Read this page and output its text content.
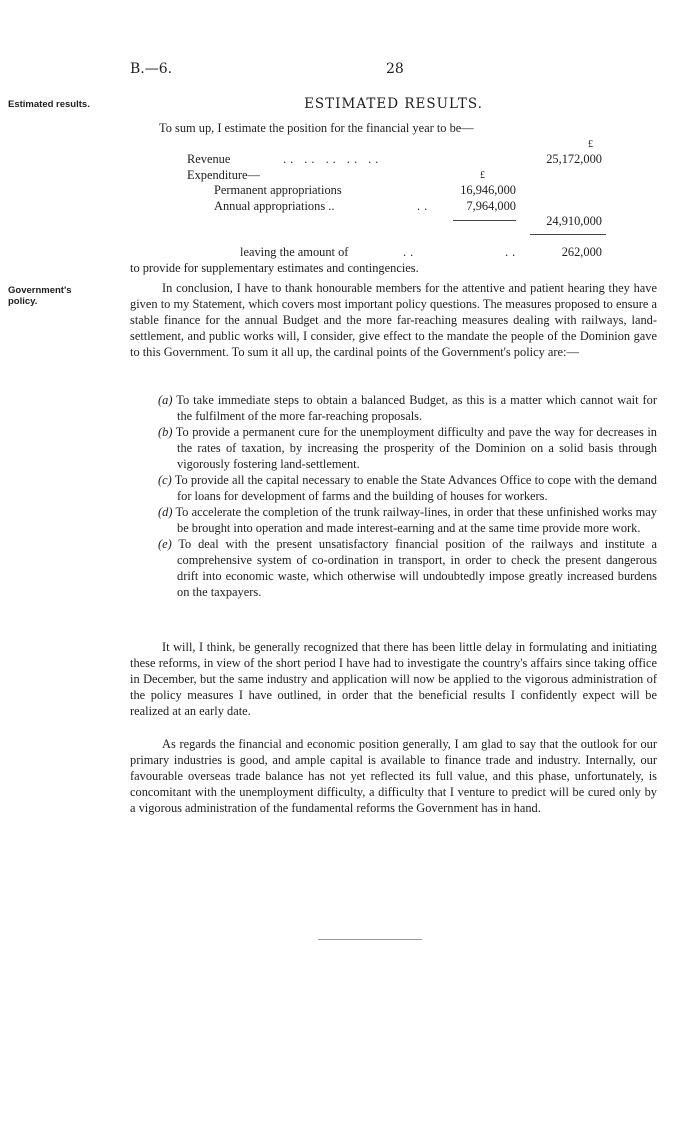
B.—6.	28
Estimated results.
Government's policy.
ESTIMATED RESULTS.
To sum up, I estimate the position for the financial year to be—
£
Revenue	.. .. .. .. ..	25,172,000
Expenditure—	£
Permanent appropriations	16,946,000
Annual appropriations ..	..	7,964,000
24,910,000
leaving the amount of	..	..	262,000
to provide for supplementary estimates and contingencies.
In conclusion, I have to thank honourable members for the attentive and patient hearing they have given to my Statement, which covers most important policy questions. The measures proposed to ensure a stable finance for the annual Budget and the more far-reaching measures dealing with railways, land-settlement, and public works will, I consider, give effect to the mandate the people of the Dominion gave to this Government. To sum it all up, the cardinal points of the Government's policy are:—
(a) To take immediate steps to obtain a balanced Budget, as this is a matter which cannot wait for the fulfilment of the more far-reaching proposals.
(b) To provide a permanent cure for the unemployment difficulty and pave the way for decreases in the rates of taxation, by increasing the prosperity of the Dominion on a solid basis through vigorously fostering land-settlement.
(c) To provide all the capital necessary to enable the State Advances Office to cope with the demand for loans for development of farms and the building of houses for workers.
(d) To accelerate the completion of the trunk railway-lines, in order that these unfinished works may be brought into operation and made interest-earning and at the same time provide more work.
(e) To deal with the present unsatisfactory financial position of the railways and institute a comprehensive system of co-ordination in transport, in order to check the present dangerous drift into economic waste, which otherwise will undoubtedly impose greatly increased burdens on the taxpayers.
It will, I think, be generally recognized that there has been little delay in formulating and initiating these reforms, in view of the short period I have had to investigate the country's affairs since taking office in December, but the same industry and application will now be applied to the vigorous administration of the policy measures I have outlined, in order that the beneficial results I confidently expect will be realized at an early date.
As regards the financial and economic position generally, I am glad to say that the outlook for our primary industries is good, and ample capital is available to finance trade and industry. Internally, our favourable overseas trade balance has not yet reflected its full value, and this phase, unfortunately, is concomitant with the unemployment difficulty, a difficulty that I venture to predict will be cured only by a vigorous administration of the fundamental reforms the Government has in hand.
